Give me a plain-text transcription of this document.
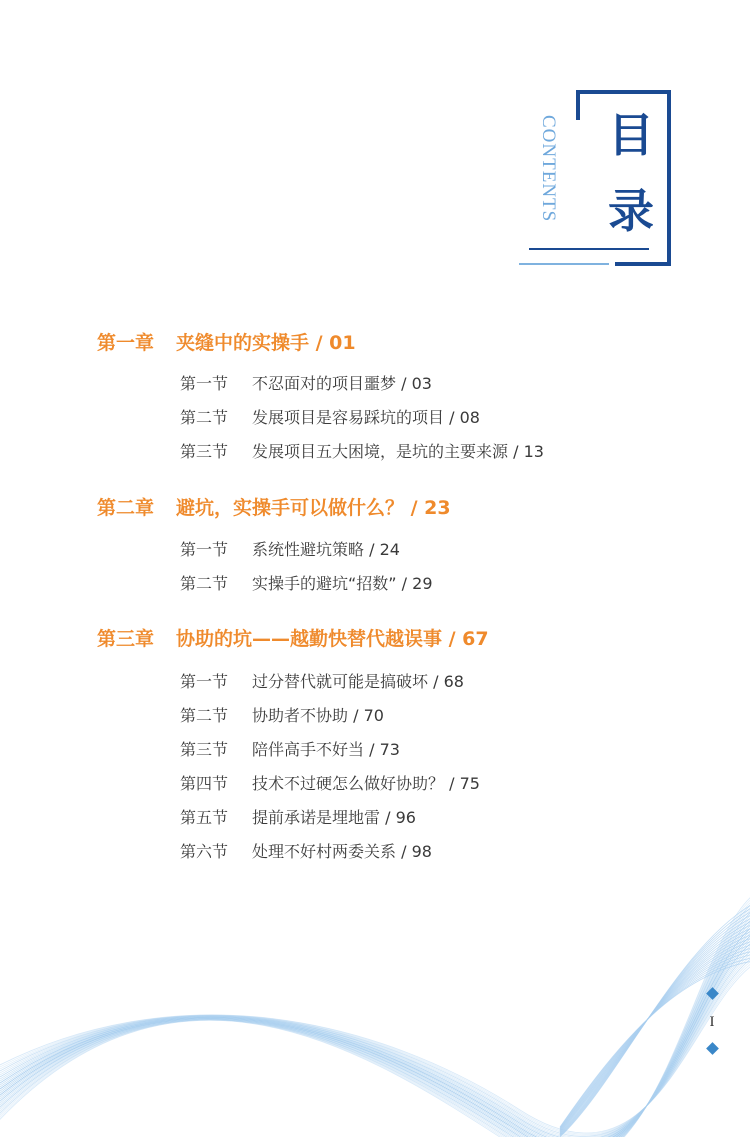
CONTENTS 目
录
第一章 夹缝中的实操手 / 01
第一节 不忍面对的项目噩梦 / 03
第二节 发展项目是容易踩坑的项目 / 08
第三节 发展项目五大困境，是坑的主要来源 / 13
第二章 避坑，实操手可以做什么？ / 23
第一节 系统性避坑策略 / 24
第二节 实操手的避坑“招数” / 29
第三章 协助的坑——越勤快替代越误事 / 67
第一节 过分替代就可能是搞破坏 / 68
第二节 协助者不协助 / 70
第三节 陪伴高手不好当 / 73
第四节 技术不过硬怎么做好协助？ / 75
第五节 提前承诺是埋地雷 / 96
第六节 处理不好村两委关系 / 98
I
